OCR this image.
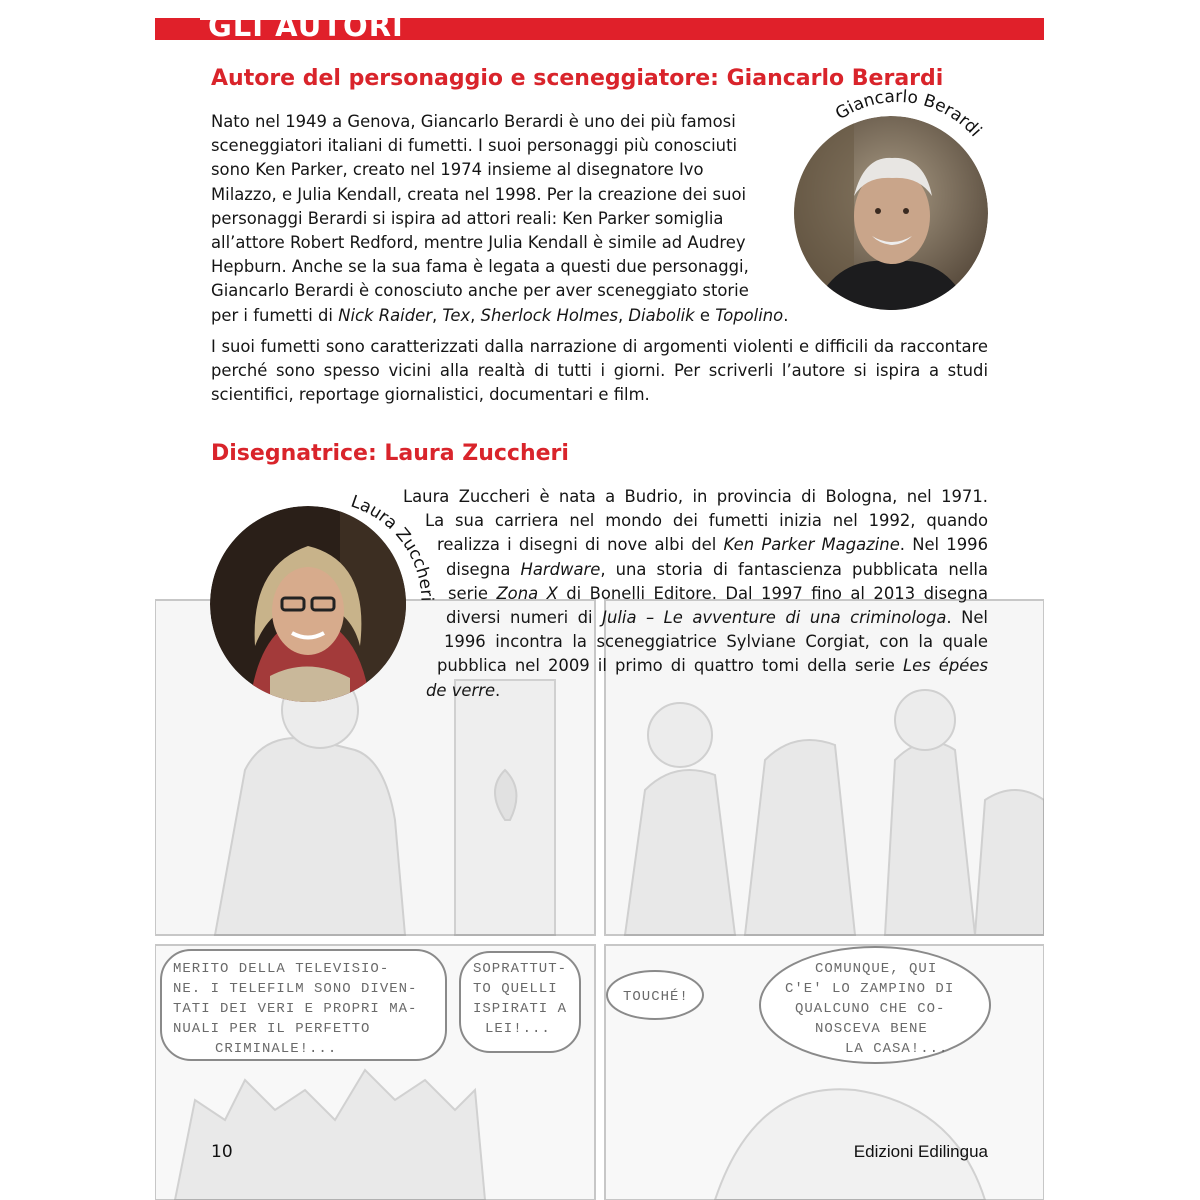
MERITO DELLA TELEVISIO-
NE. I TELEFILM SONO DIVEN-
TATI DEI VERI E PROPRI MA-
NUALI PER IL PERFETTO
CRIMINALE!...
SOPRATTUT-
TO QUELLI
ISPIRATI A
LEI!...
TOUCHÉ!
COMUNQUE, QUI
C'E' LO ZAMPINO DI
QUALCUNO CHE CO-
NOSCEVA BENE
LA CASA!...
GLI AUTORI
Autore del personaggio e sceneggiatore: Giancarlo Berardi
Nato nel 1949 a Genova, Giancarlo Berardi è uno dei più famosi
sceneggiatori italiani di fumetti. I suoi personaggi più conosciuti
sono Ken Parker, creato nel 1974 insieme al disegnatore Ivo
Milazzo, e Julia Kendall, creata nel 1998. Per la creazione dei suoi
personaggi Berardi si ispira ad attori reali: Ken Parker somiglia
all’attore Robert Redford, mentre Julia Kendall è simile ad Audrey
Hepburn. Anche se la sua fama è legata a questi due personaggi,
Giancarlo Berardi è conosciuto anche per aver sceneggiato storie
per i fumetti di Nick Raider, Tex, Sherlock Holmes, Diabolik e Topolino.

I suoi fumetti sono caratterizzati dalla narrazione di argomenti violenti e difficili da raccontare perché sono spesso vicini alla realtà di tutti i giorni. Per scriverli l’autore si ispira a studi scientifici, reportage giornalistici, documentari e film.

Giancarlo Berardi
Disegnatrice: Laura Zuccheri
Laura Zuccheri
Laura Zuccheri è nata a Budrio, in provincia di Bologna, nel 1971.
La sua carriera nel mondo dei fumetti inizia nel 1992, quando
realizza i disegni di nove albi del Ken Parker Magazine. Nel 1996
disegna Hardware, una storia di fantascienza pubblicata nella
serie Zona X di Bonelli Editore. Dal 1997 fino al 2013 disegna
diversi numeri di Julia – Le avventure di una criminologa. Nel
1996 incontra la sceneggiatrice Sylviane Corgiat, con la quale
pubblica nel 2009 il primo di quattro tomi della serie Les épées
de verre.
10	Edizioni Edilingua
